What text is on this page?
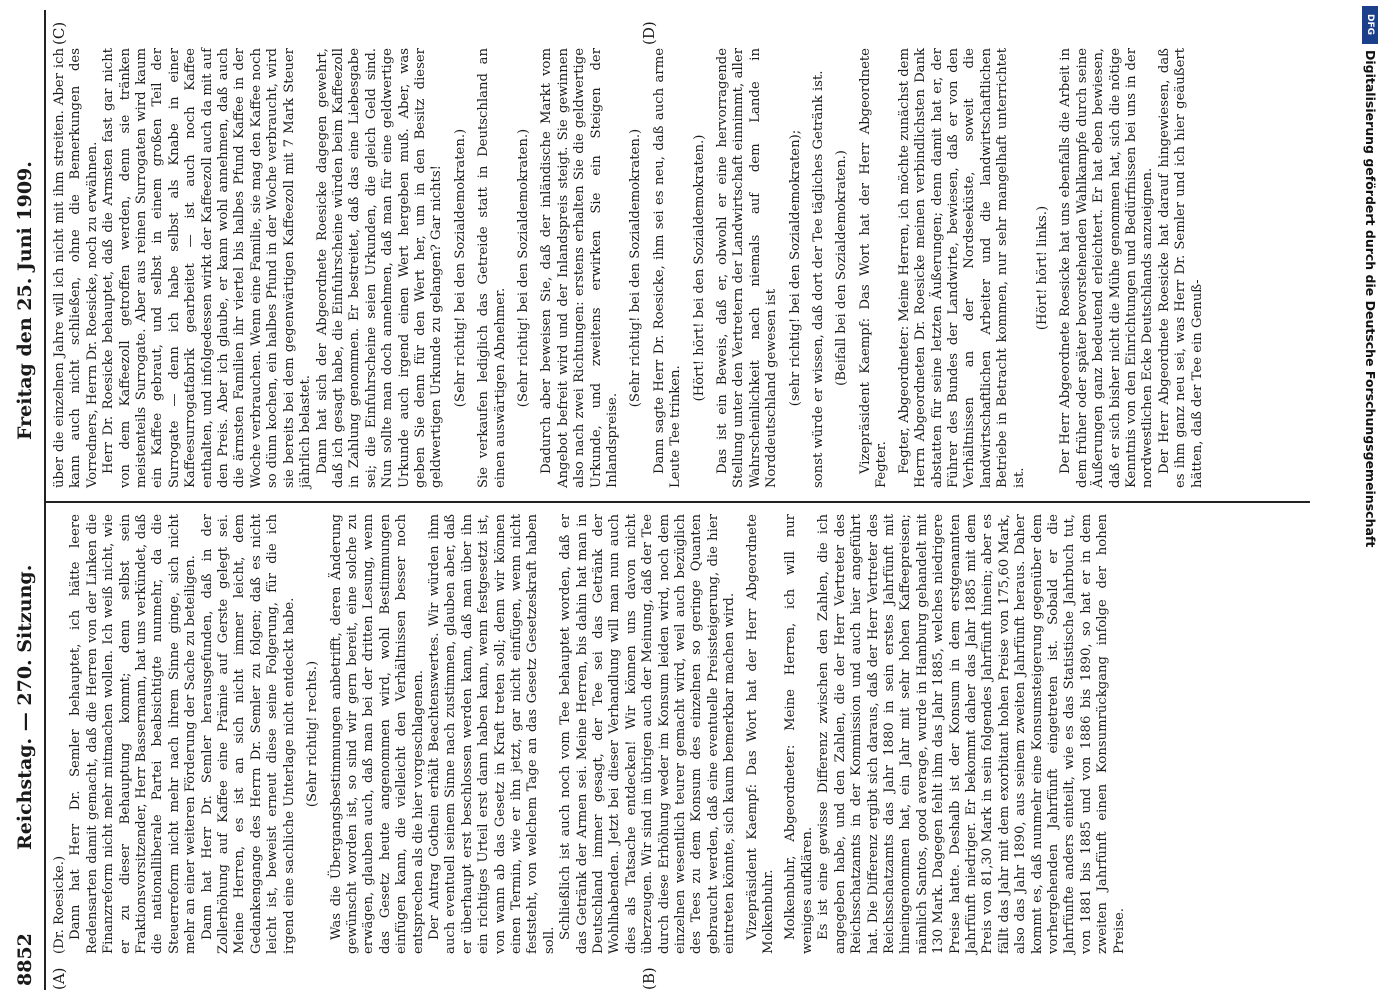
8852
Reichstag. — 270. Sitzung.
Freitag den 25. Juni 1909.
(A)	(B)
(C)	(D)

(Dr. Roesicke.) Dann hat Herr Dr. Semler behauptet, ich hätte leere Redensarten damit gemacht, daß die Herren von der Linken die Finanzreform nicht mehr mitmachen wollen. Ich weiß nicht, wie er zu dieser Behauptung kommt; denn selbst sein Fraktionsvorsitzender, Herr Bassermann, hat uns verkündet, daß die nationalliberale Partei beabsichtigte nunmehr, da die Steuerreform nicht mehr nach ihrem Sinne ginge, sich nicht mehr an einer weiteren Förderung der Sache zu beteiligen. Dann hat Herr Dr. Semler herausgefunden, daß in der Zollerhöhung auf Kaffee eine Prämie auf Gerste gelegt sei. Meine Herren, es ist an sich nicht immer leicht, dem Gedankengange des Herrn Dr. Semler zu folgen; daß es nicht leicht ist, beweist erneut diese seine Folgerung, für die ich irgend eine sachliche Unterlage nicht entdeckt habe. (Sehr richtig! rechts.) Was die Übergangsbestimmungen anbetrifft, deren Änderung gewünscht worden ist, so sind wir gern bereit, eine solche zu erwägen, glauben auch, daß man bei der dritten Lesung, wenn das Gesetz heute angenommen wird, wohl Bestimmungen einfügen kann, die vielleicht den Verhältnissen besser noch entsprechen als die hier vorgeschlagenen. Der Antrag Gothein erhält Beachtenswertes. Wir würden ihm auch eventuell seinem Sinne nach zustimmen, glauben aber, daß er überhaupt erst beschlossen werden kann, daß man über ihn ein richtiges Urteil erst dann haben kann, wenn festgesetzt ist, von wann ab das Gesetz in Kraft treten soll; denn wir können einen Termin, wie er ihn jetzt, gar nicht einfügen, wenn nicht feststeht, von welchem Tage an das Gesetz Gesetzeskraft haben soll.

Schließlich ist auch noch vom Tee behauptet worden, daß er das Getränk der Armen sei. Meine Herren, bis dahin hat man in Deutschland immer gesagt, der Tee sei das Getränk der Wohlhabenden. Jetzt bei dieser Verhandlung will man nun auch dies als Tatsache entdecken! Wir können uns davon nicht überzeugen. Wir sind im übrigen auch der Meinung, daß der Tee durch diese Erhöhung weder im Konsum leiden wird, noch dem einzelnen wesentlich teurer gemacht wird, weil auch bezüglich des Tees zu dem Konsum des einzelnen so geringe Quanten gebraucht werden, daß eine eventuelle Preissteigerung, die hier eintreten könnte, sich kaum bemerkbar machen wird. Vizepräsident Kaempf: Das Wort hat der Herr Abgeordnete Molkenbuhr. Molkenbuhr, Abgeordneter: Meine Herren, ich will nur weniges aufklären. Es ist eine gewisse Differenz zwischen den Zahlen, die ich angegeben habe, und den Zahlen, die der Herr Vertreter des Reichsschatzamts in der Kommission und auch hier angeführt hat. Die Differenz ergibt sich daraus, daß der Herr Vertreter des Reichsschatzamts das Jahr 1880 in sein erstes Jahrfünft mit hineingenommen hat, ein Jahr mit sehr hohen Kaffeepreisen; nämlich Santos, good average, wurde in Hamburg gehandelt mit 130 Mark. Dagegen fehlt ihm das Jahr 1885, welches niedrigere Preise hatte. Deshalb ist der Konsum in dem erstgenannten Jahrfünft niedriger. Er bekommt daher das Jahr 1885 mit dem Preis von 81,30 Mark in sein folgendes Jahrfünft hinein; aber es fällt das Jahr mit dem exorbitant hohen Preise von 175,60 Mark, also das Jahr 1890, aus seinem zweiten Jahrfünft heraus. Daher kommt es, daß nunmehr eine Konsumsteigerung gegenüber dem vorhergehenden Jahrfünft eingetreten ist. Sobald er die Jahrfünfte anders einteilt, wie es das Statistische Jahrbuch tut, von 1881 bis 1885 und von 1886 bis 1890, so hat er in dem zweiten Jahrfünft einen Konsumrückgang infolge der hohen Preise.

über die einzelnen Jahre will ich nicht mit ihm streiten. Aber ich kann auch nicht schließen, ohne die Bemerkungen des Vorredners, Herrn Dr. Roesicke, noch zu erwähnen. Herr Dr. Roesicke behauptet, daß die Armsten fast gar nicht von dem Kaffeezoll getroffen werden, denn sie tränken meistenteils Surrogate. Aber aus reinen Surrogaten wird kaum ein Kaffee gebraut, und selbst in einem großen Teil der Surrogate — denn ich habe selbst als Knabe in einer Kaffeesurrogatfabrik gearbeitet — ist auch noch Kaffee enthalten, und infolgedessen wirkt der Kaffeezoll auch da mit auf den Preis. Aber ich glaube, er kann wohl annehmen, daß auch die ärmsten Familien ihr viertel bis halbes Pfund Kaffee in der Woche verbrauchen. Wenn eine Familie, sie mag den Kaffee noch so dünn kochen, ein halbes Pfund in der Woche verbraucht, wird sie bereits bei dem gegenwärtigen Kaffeezoll mit 7 Mark Steuer jährlich belastet. Dann hat sich der Abgeordnete Roesicke dagegen gewehrt, daß ich gesagt habe, die Einfuhrscheine würden beim Kaffeezoll in Zahlung genommen. Er bestreitet, daß das eine Liebesgabe sei; die Einfuhrscheine seien Urkunden, die gleich Geld sind. Nun sollte man doch annehmen, daß man für eine geldwertige Urkunde auch irgend einen Wert hergeben muß. Aber, was geben Sie denn für den Wert her, um in den Besitz dieser geldwertigen Urkunde zu gelangen? Gar nichts! (Sehr richtig! bei den Sozialdemokraten.) Sie verkaufen lediglich das Getreide statt in Deutschland an einen auswärtigen Abnehmer. (Sehr richtig! bei den Sozialdemokraten.) Dadurch aber beweisen Sie, daß der inländische Markt vom Angebot befreit wird und der Inlandspreis steigt. Sie gewinnen also nach zwei Richtungen: erstens erhalten Sie die geldwertige Urkunde, und zweitens erwirken Sie ein Steigen der Inlandspreise.

(Sehr richtig! bei den Sozialdemokraten.) Dann sagte Herr Dr. Roesicke, ihm sei es neu, daß auch arme Leute Tee trinken.

(Hört! hört! bei den Sozialdemokraten.) Das ist ein Beweis, daß er, obwohl er eine hervorragende Stellung unter den Vertretern der Landwirtschaft einnimmt, aller Wahrscheinlichkeit nach niemals auf dem Lande in Norddeutschland gewesen ist (sehr richtig! bei den Sozialdemokraten); sonst würde er wissen, daß dort der Tee tägliches Getränk ist. (Beifall bei den Sozialdemokraten.) Vizepräsident Kaempf: Das Wort hat der Herr Abgeordnete Fegter. Fegter, Abgeordneter: Meine Herren, ich möchte zunächst dem Herrn Abgeordneten Dr. Roesicke meinen verbindlichsten Dank abstatten für seine letzten Äußerungen; denn damit hat er, der Führer des Bundes der Landwirte, bewiesen, daß er von den Verhältnissen an der Nordseeküste, soweit die landwirtschaftlichen Arbeiter und die landwirtschaftlichen Betriebe in Betracht kommen, nur sehr mangelhaft unterrichtet ist.

(Hört! hört! links.) Der Herr Abgeordnete Roesicke hat uns ebenfalls die Arbeit in dem früher oder später bevorstehenden Wahlkampfe durch seine Äußerungen ganz bedeutend erleichtert. Er hat eben bewiesen, daß er sich bisher nicht die Mühe genommen hat, sich die nötige Kenntnis von den Einrichtungen und Bedürfnissen bei uns in der nordwestlichen Ecke Deutschlands anzueignen. Der Herr Abgeordnete Roesicke hat darauf hingewiesen, daß es ihm ganz neu sei, was Herr Dr. Semler und ich hier geäußert hätten, daß der Tee ein Genuß-	Digitalisierung gefördert durch die Deutsche Forschungsgemeinschaft
DFG
